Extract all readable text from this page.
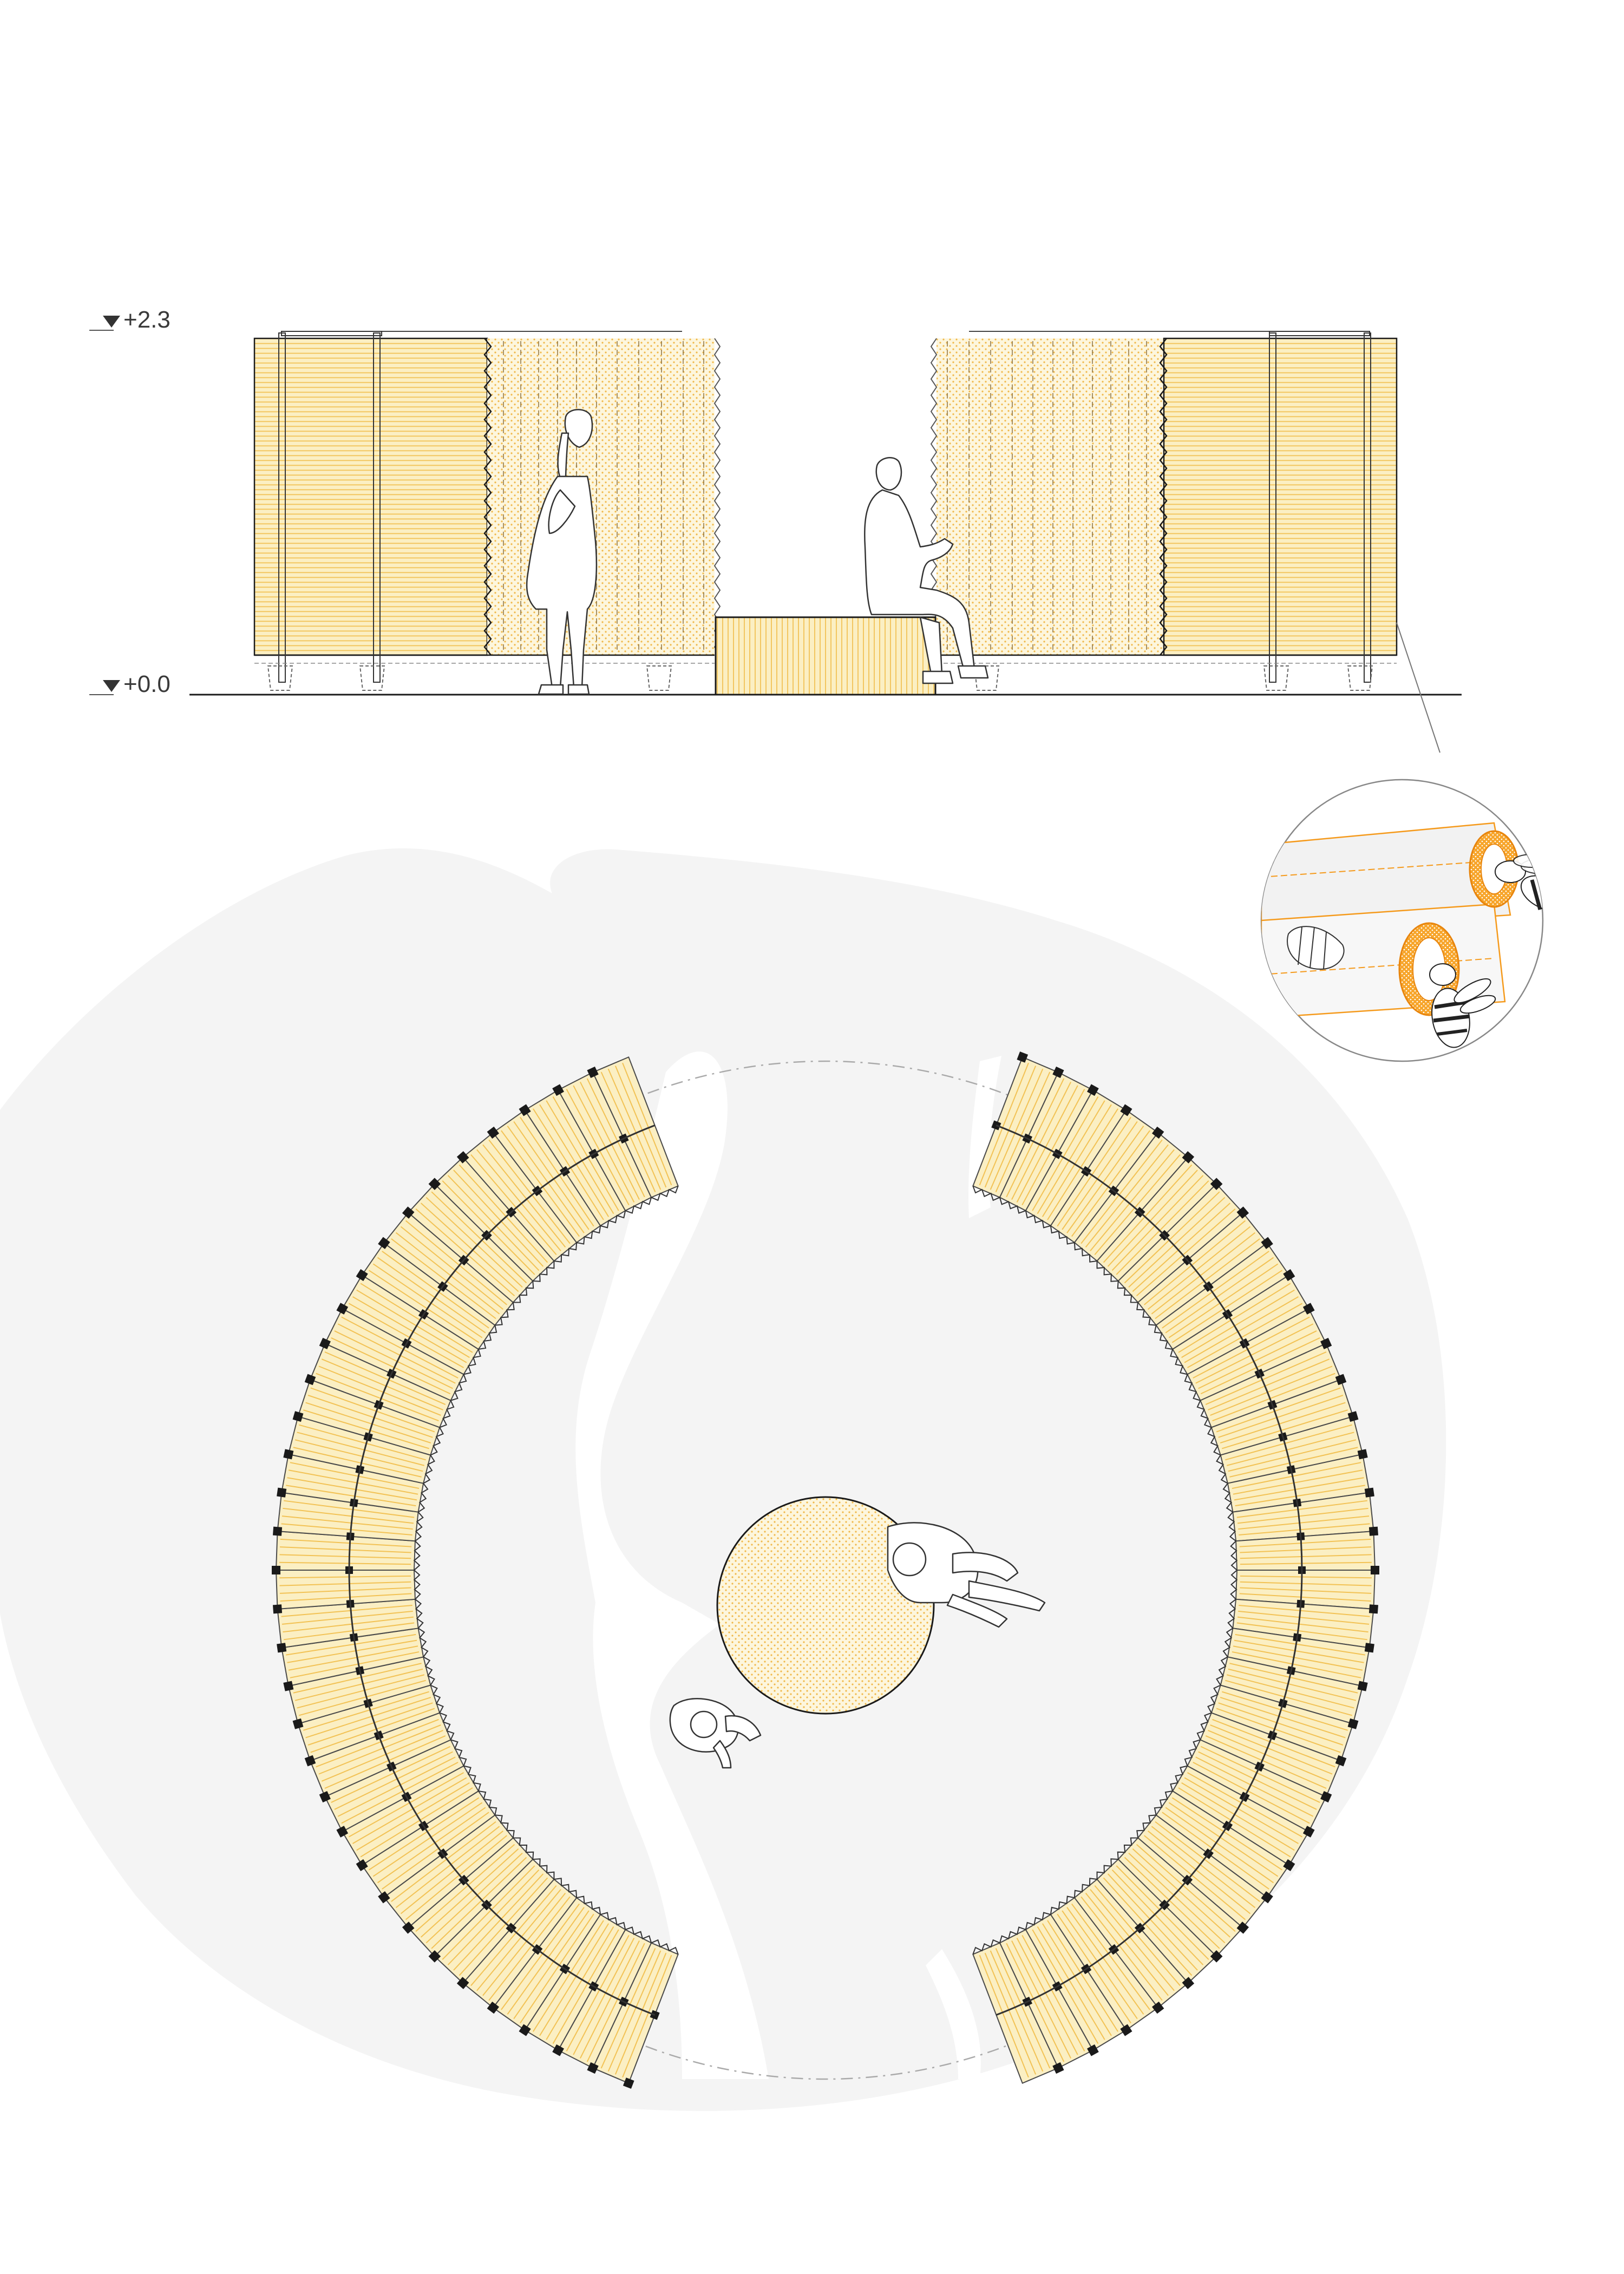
+2.3
+0.0
